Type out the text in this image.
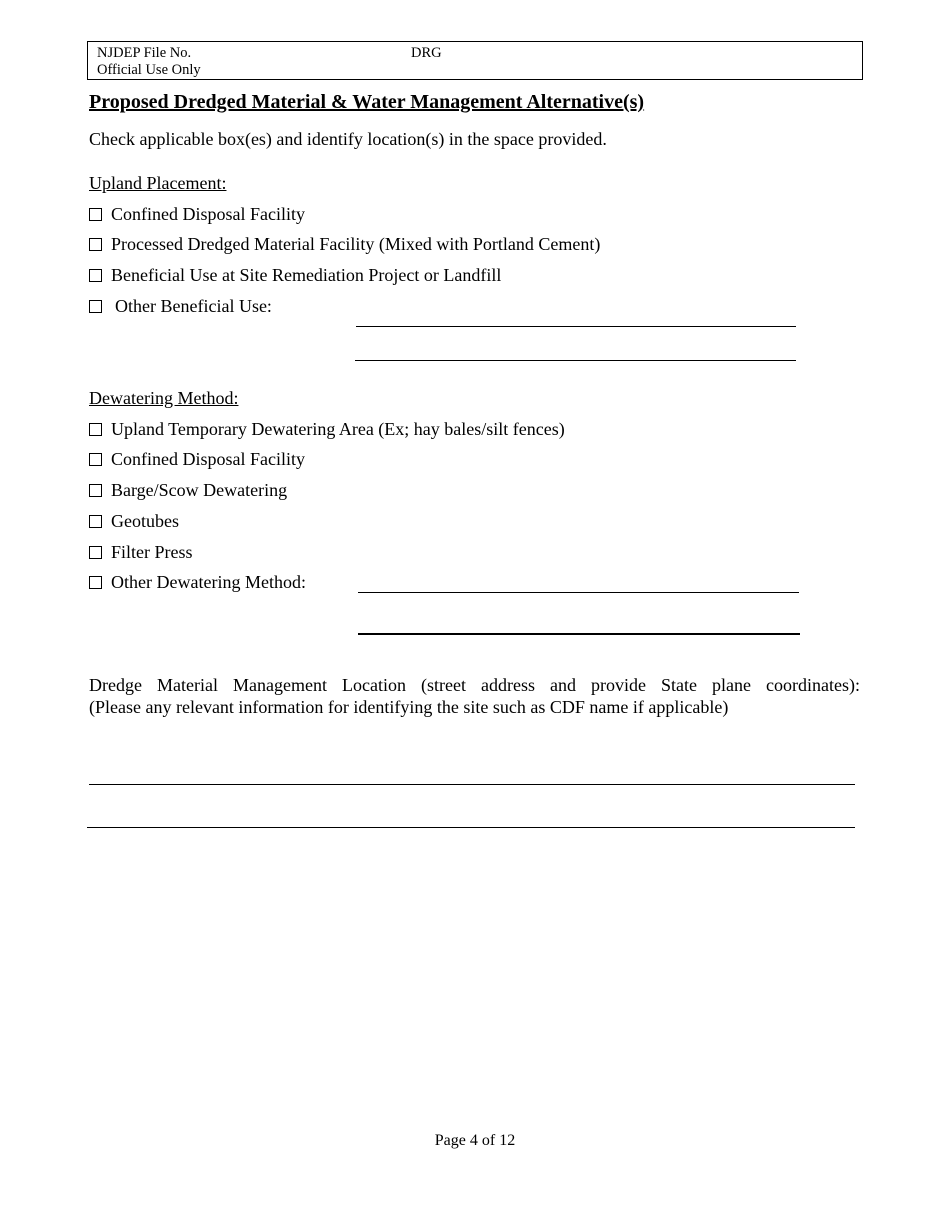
NJDEP File No.	DRG
Official Use Only
Proposed Dredged Material & Water Management Alternative(s)
Check applicable box(es) and identify location(s) in the space provided.
Upland Placement:
Confined Disposal Facility
Processed Dredged Material Facility (Mixed with Portland Cement)
Beneficial Use at Site Remediation Project or Landfill
Other Beneficial Use:
Dewatering Method:
Upland Temporary Dewatering Area (Ex; hay bales/silt fences)
Confined Disposal Facility
Barge/Scow Dewatering
Geotubes
Filter Press
Other Dewatering Method:
Dredge Material Management Location (street address and provide State plane coordinates):
(Please any relevant information for identifying the site such as CDF name if applicable)
Page 4 of 12
